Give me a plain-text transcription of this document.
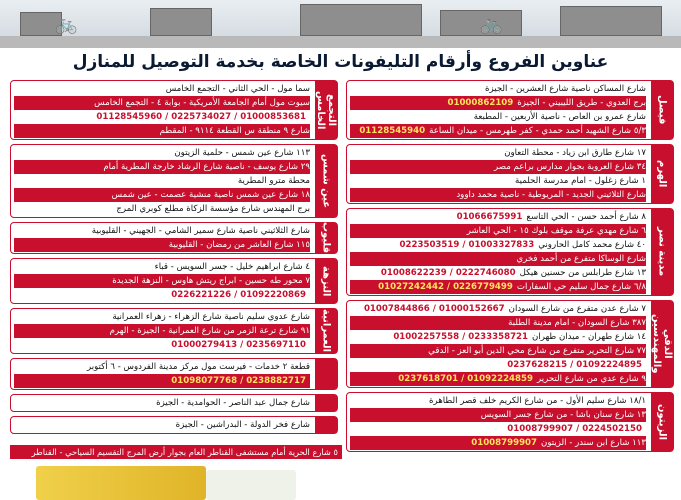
🚲	🚲
عناوين الفروع وأرقام التليفونات الخاصة بخدمة التوصيل للمنازل
التجمع الخامس
سما مول - الحي الثاني - التجمع الخامس
سيوت مول أمام الجامعة الأمريكية - بوابة ٤ - التجمع الخامس
01000853681 / 0225734027 / 01128545960
شارع ٩ منطقة س القطعة ٩١١٤ - المقطم
عين شمس
١١٣ شارع عين شمس - حلمية الزيتون
٢٩ شارع يوسف - ناصية شارع الرشاد خارجة المطرية أمام
محطة مترو المطرية
١٨ شارع عين شمس ناصية منشية عصمت - عين شمس
برج المهندس شارع مؤسسة الزكاة مطلع كوبري المرج
قليوب
شارع الثلاثيني ناصية شارع سمير الشامي - الجهيني - القليوبية
١١٥ شارع العاشر من رمضان - القليوبية
النزهة
٤ شارع ابراهيم خليل - جسر السويس - قباء
٧ محور طه حسين - ابراج ريتش هاوس - النزهة الجديدة
01092220869 / 0226221226
العمرانية
شارع عدوي سليم ناصية شارع الزهراء - زهراء العمرانية
٩١ شارع ترعة الزمر من شارع العمرانية - الجيزة - الهرم
0235697110 / 01000279413
قطعة ٢ خدمات - فيرست مول مركز مدينة الفردوس - ٦ أكتوبر
0238882717 / 01098077768
شارع جمال عبد الناصر - الحوامدية - الجيزة
شارع فخر الدولة - البدراشين - الجيزة
فيصل
شارع المساكن ناصية شارع العشرين - الجيزة
برج العدوي - طريق الليبيني - الجيزة01000862109
شارع عمرو بن العاص - ناصية الأربعين - المطبعة
٥/٣ شارع الشهيد أحمد حمدي - كفر طهرمس - ميدان الساعة01128545940
الهرم
١٧ شارع طارق ابن زياد - محطة التعاون
٣٤ شارع العروبة بجوار مدارس براعم مصر
١ شارع زغلول - امام مدرسة الحلمية
شارع الثلاثيني الجديد - المريوطية - ناصية محمد داوود
مدينة نصر
٨ شارع أحمد حسن - الحي التاسع01066675991
٦ شارع مهدي عرفة موقف بلوك ١٥ - الحي العاشر
٤٠ شارع محمد كامل الحاروني01003327833 / 0223503519
شارع الوساكا متفرع من أحمد فخري
١٣ شارع طرابلس من حسنين هيكل0222746080 / 01008622239
٦/٨ شارع جمال سليم حي السفارات0226779499 / 01027242442
الدقي والمهندسين
٧ شارع عدن متفرع من شارع السودان01000152667 / 01007844866
٣٨٧ شارع السودان - امام مدينة الطلبة
١٤ شارع طهران - ميدان طهران0233358721 / 01002257558
٧٧ شارع التحرير متفرع من شارع محي الدين أبو العز - الدقي
01092224895 / 0237628215
٩ شارع عدي من شارع التحرير01092224859 / 0237618701
الزيتون
١٨/١ شارع سليم الأول - من شارع الكريم خلف قصر الطاهرة
١٣ شارع سنان باشا - من شارع جسر السويس
0224502150 / 01008799907
١١٣ شارع ابن سندر - الزيتون01008799907
٥ شارع الحرية أمام مستشفى القناطر العام بجوار أرض المرج التقسيم السياحي - القناطر
